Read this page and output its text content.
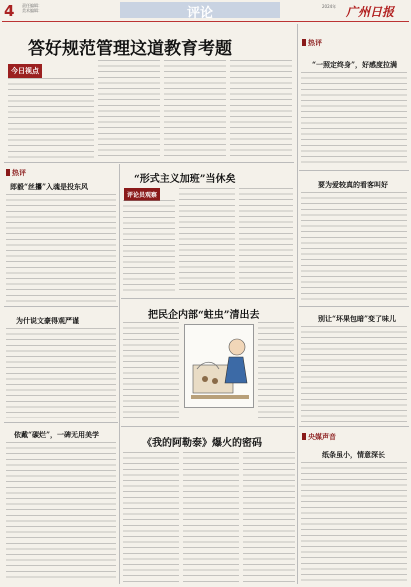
4 责任编辑：
美术编辑：	评论	2024年 广州日报
答好规范管理这道教育考题
今日视点
热评
“一照定终身”，好感度拉满
要为爱较真的看客叫好
别让“坏果包暗”变了味儿
央媒声音
纸条虽小，情意深长
热评
郎毅“丝攥”入魂是投东风
为什说文豪得观严谨
依戴“碳烂”，一碑无用美学
“形式主义加班”当休矣
评论员观察
把民企内部“蛀虫”清出去
《我的阿勒泰》爆火的密码
